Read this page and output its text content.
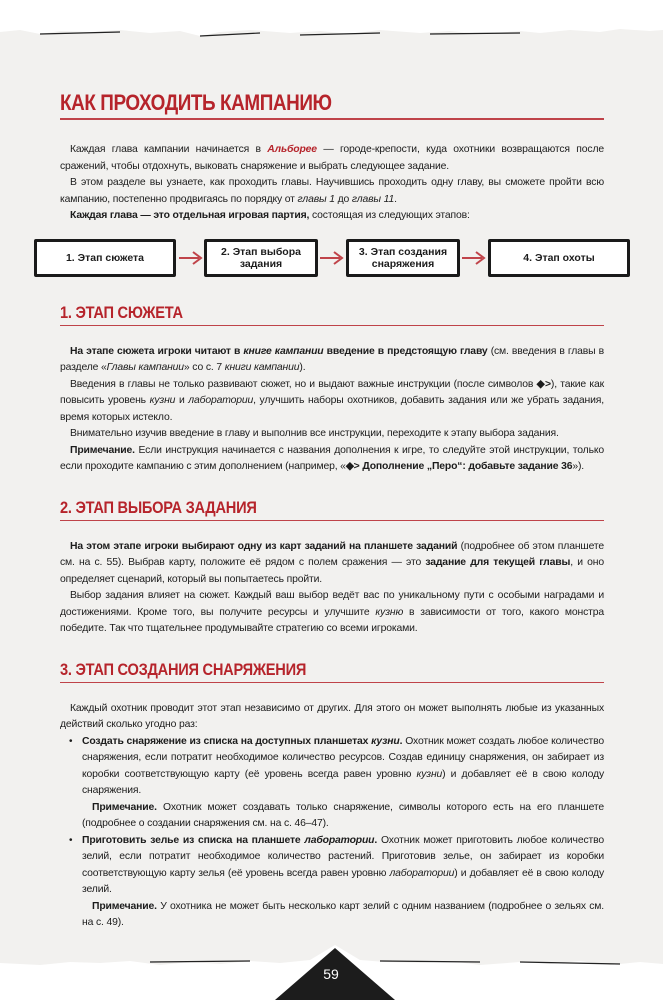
КАК ПРОХОДИТЬ КАМПАНИЮ

Каждая глава кампании начинается в Альборее — городе-крепости, куда охотники возвращаются после сражений, чтобы отдохнуть, выковать снаряжение и выбрать следующее задание.

В этом разделе вы узнаете, как проходить главы. Научившись проходить одну главу, вы сможете пройти всю кампанию, постепенно продвигаясь по порядку от главы 1 до главы 11.

Каждая глава — это отдельная игровая партия, состоящая из следующих этапов:

1. Этап сюжета	2. Этап выбора задания
3. Этап создания снаряжения	4. Этап охоты
1. ЭТАП СЮЖЕТА

На этапе сюжета игроки читают в книге кампании введение в предстоящую главу (см. введения в главы в разделе «Главы кампании» со с. 7 книги кампании).

Введения в главы не только развивают сюжет, но и выдают важные инструкции (после символов ◆>), такие как повысить уровень кузни и лаборатории, улучшить наборы охотников, добавить задания или же убрать задания, время которых истекло.

Внимательно изучив введение в главу и выполнив все инструкции, переходите к этапу выбора задания.

Примечание. Если инструкция начинается с названия дополнения к игре, то следуйте этой инструкции, только если проходите кампанию с этим дополнением (например, «◆> Дополнение „Перо“: добавьте задание 36»).

2. ЭТАП ВЫБОРА ЗАДАНИЯ

На этом этапе игроки выбирают одну из карт заданий на планшете заданий (подробнее об этом планшете см. на с. 55). Выбрав карту, положите её рядом с полем сражения — это задание для текущей главы, и оно определяет сценарий, который вы попытаетесь пройти.

Выбор задания влияет на сюжет. Каждый ваш выбор ведёт вас по уникальному пути с особыми наградами и достижениями. Кроме того, вы получите ресурсы и улучшите кузню в зависимости от того, какого монстра победите. Так что тщательнее продумывайте стратегию со всеми игроками.

3. ЭТАП СОЗДАНИЯ СНАРЯЖЕНИЯ

Каждый охотник проводит этот этап независимо от других. Для этого он может выполнять любые из указанных действий сколько угодно раз:

• Создать снаряжение из списка на доступных планшетах кузни. Охотник может создать любое количество снаряжения, если потратит необходимое количество ресурсов. Создав единицу снаряжения, он забирает из коробки соответствующую карту (её уровень всегда равен уровню кузни) и добавляет её в свою колоду снаряжения.

Примечание. Охотник может создавать только снаряжение, символы которого есть на его планшете (подробнее о создании снаряжения см. на с. 46–47).

• Приготовить зелье из списка на планшете лаборатории. Охотник может приготовить любое количество зелий, если потратит необходимое количество растений. Приготовив зелье, он забирает из коробки соответствующую карту зелья (её уровень всегда равен уровню лаборатории) и добавляет её в свою колоду зелий.

Примечание. У охотника не может быть несколько карт зелий с одним названием (подробнее о зельях см. на с. 49).

59
